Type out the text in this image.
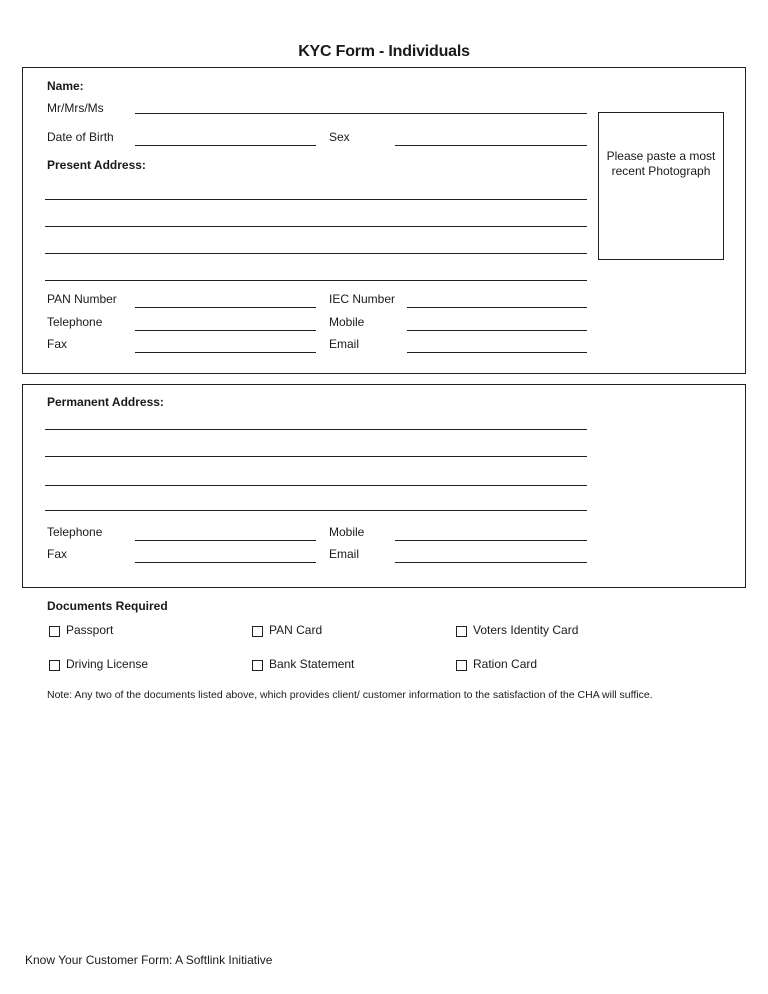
KYC Form - Individuals
Name:
Mr/Mrs/Ms
Date of Birth	Sex
Present Address:
Please paste a most recent Photograph
PAN Number	IEC Number
Telephone	Mobile
Fax	Email
Permanent Address:
Telephone	Mobile
Fax	Email
Documents Required
Passport	PAN Card	Voters Identity Card
Driving License	Bank Statement	Ration Card
Note: Any two of the documents listed above, which provides client/ customer information to the satisfaction of the CHA will suffice.
Know Your Customer Form: A Softlink Initiative
